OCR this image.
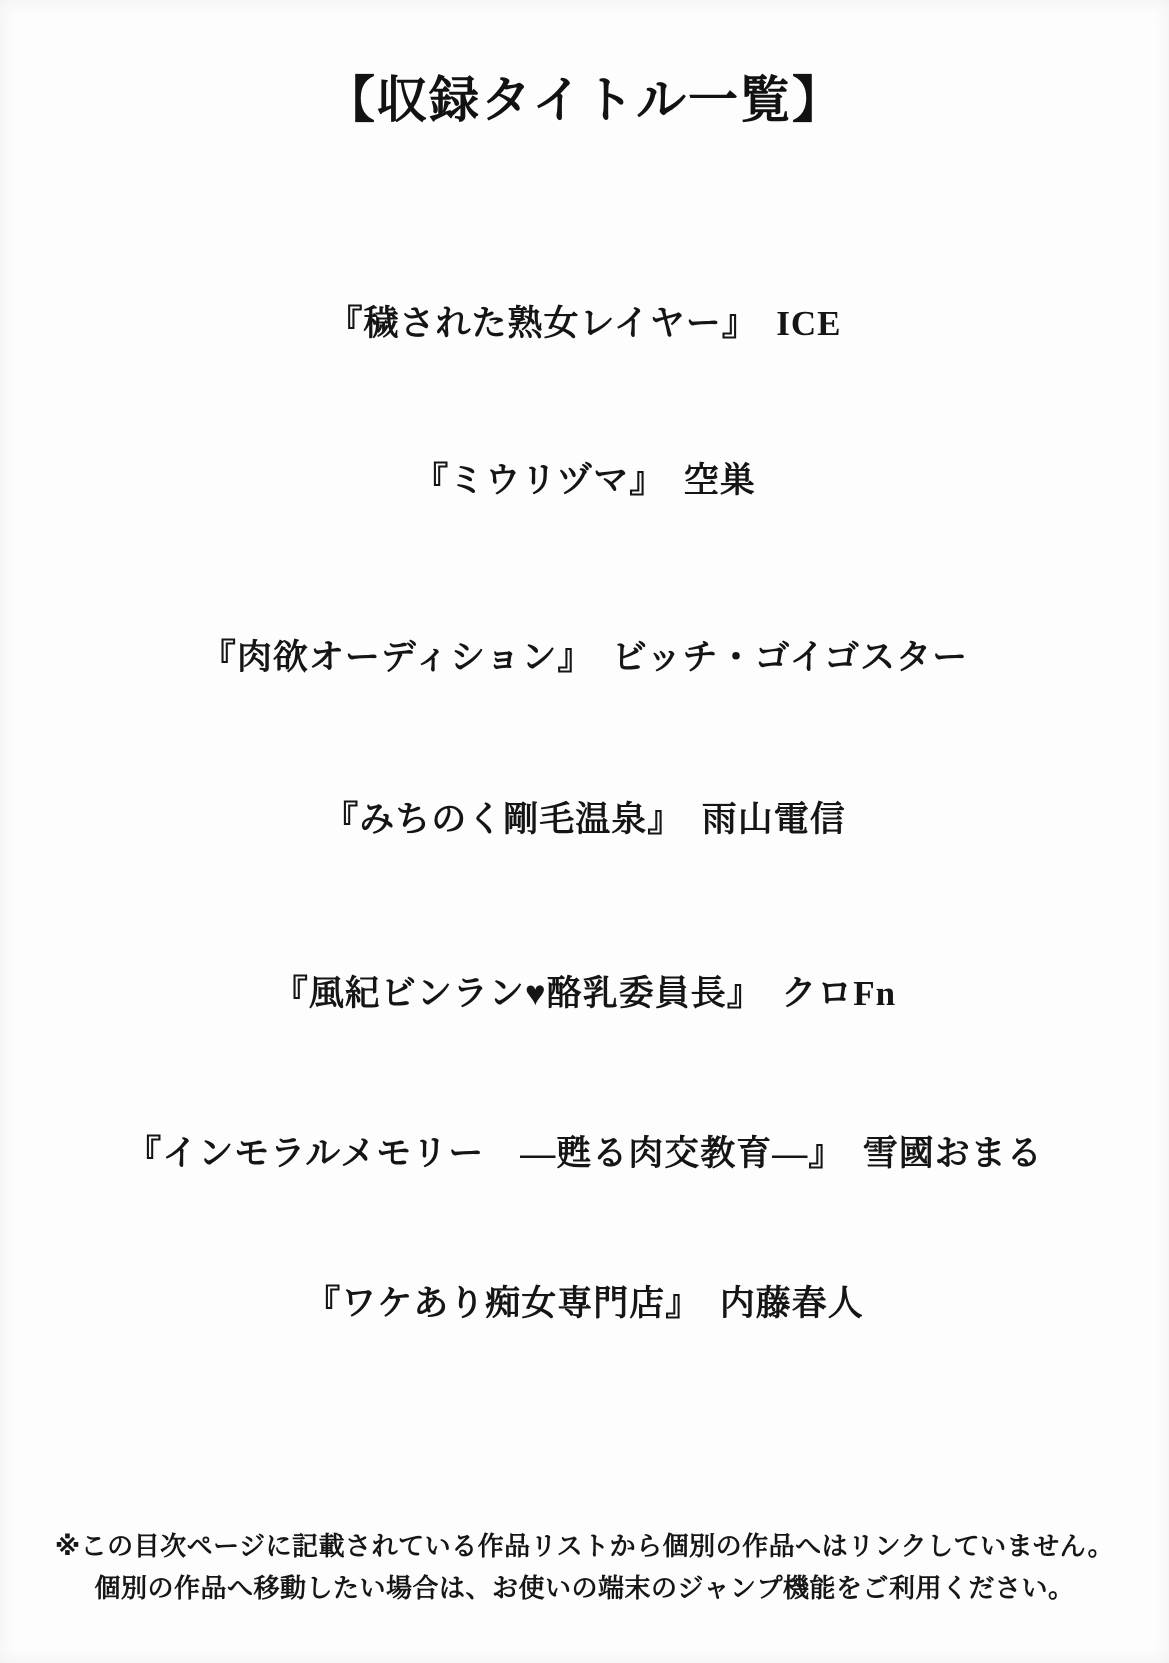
【収録タイトル一覧】
『穢された熟女レイヤー』　ICE
『ミウリヅマ』　空巣
『肉欲オーディション』　ビッチ・ゴイゴスター
『みちのく剛毛温泉』　雨山電信
『風紀ビンラン♥酪乳委員長』　クロFn
『インモラルメモリー　―甦る肉交教育―』　雪國おまる
『ワケあり痴女専門店』　内藤春人
※この目次ページに記載されている作品リストから個別の作品へはリンクしていません。
個別の作品へ移動したい場合は、お使いの端末のジャンプ機能をご利用ください。
